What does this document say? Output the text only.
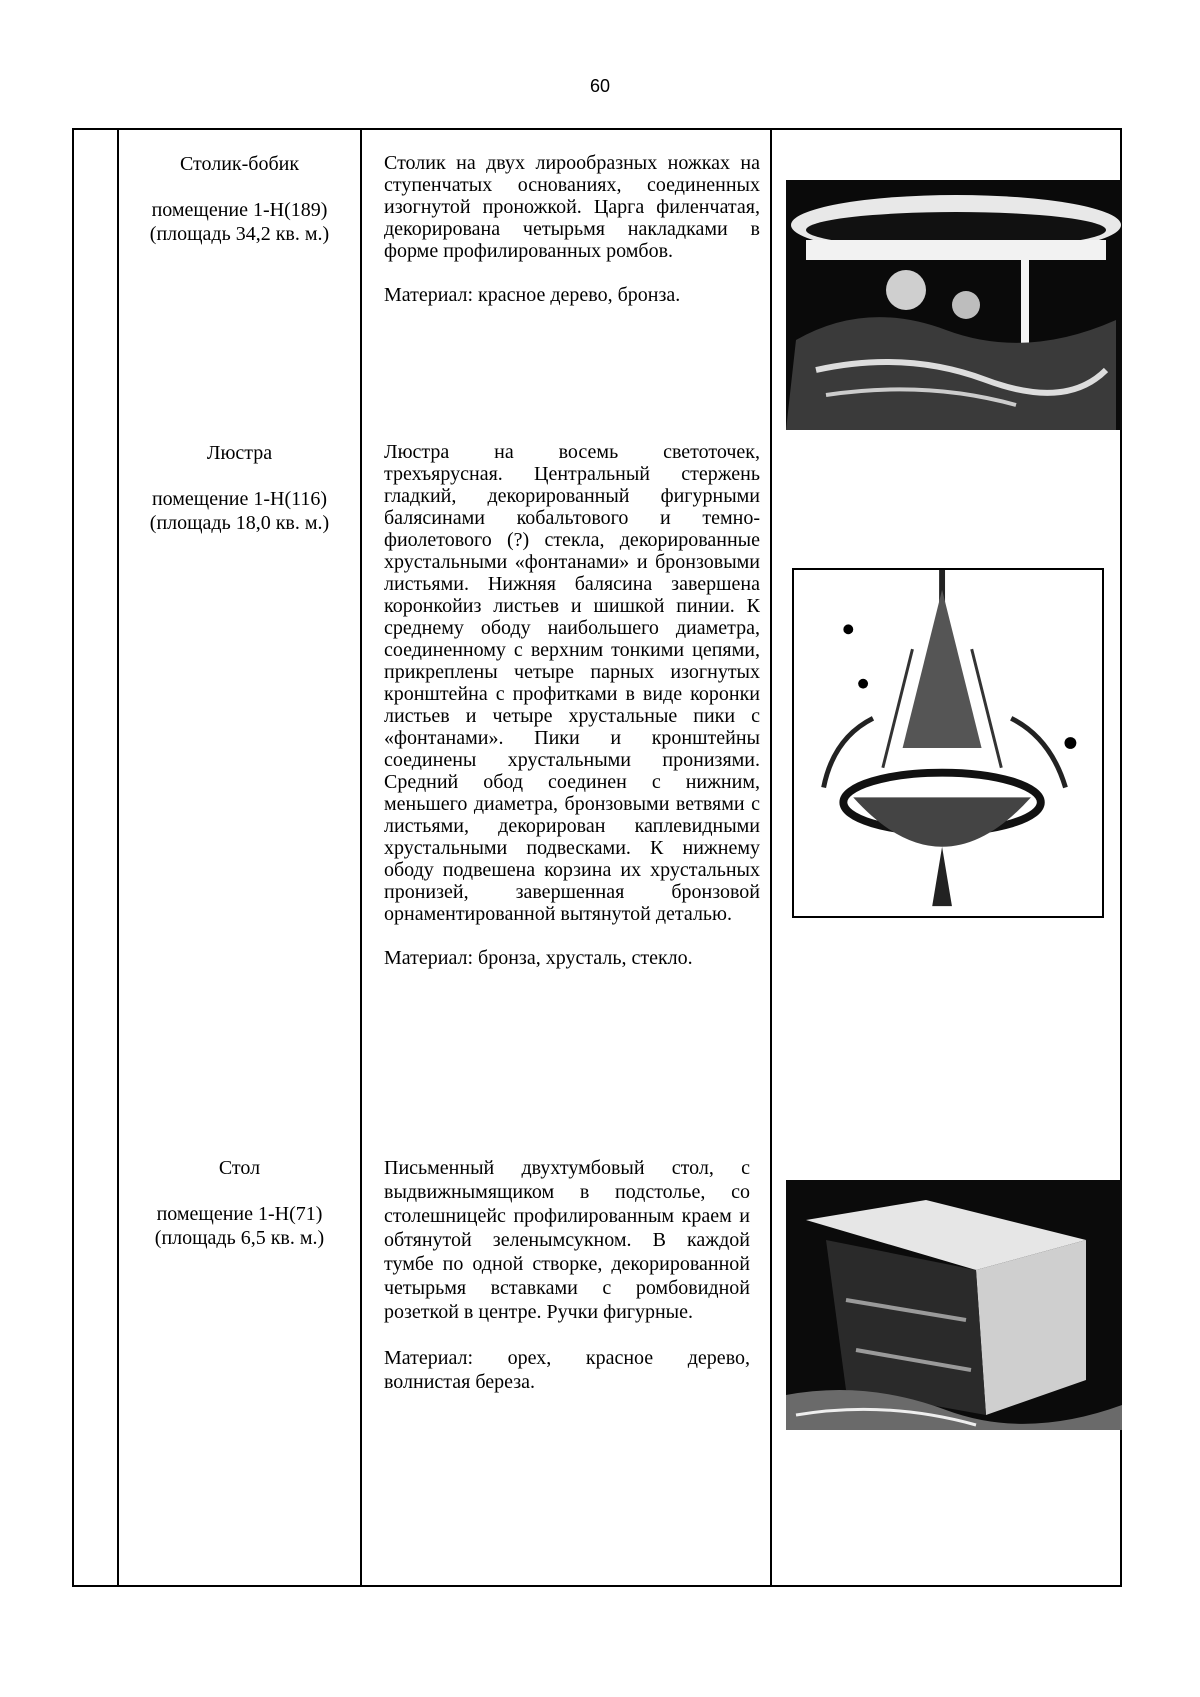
60

Столик-бобик

помещение 1-Н(189)

(площадь 34,2 кв. м.)

Столик на двух лирообразных ножках на ступенчатых основаниях, соединенных изогнутой проножкой. Царга филенчатая, декорирована четырьмя накладками в форме профилированных ромбов.

Материал: красное дерево, бронза.

Люстра

помещение 1-Н(116)

(площадь 18,0 кв. м.)

Люстра на восемь светоточек, трехъярусная. Центральный стержень гладкий, декорированный фигурными балясинами кобальтового и темно-фиолетового (?) стекла, декорированные хрустальными «фонтанами» и бронзовыми листьями. Нижняя балясина завершена коронкойиз листьев и шишкой пинии. К среднему ободу наибольшего диаметра, соединенному с верхним тонкими цепями, прикреплены четыре парных изогнутых кронштейна с профитками в виде коронки листьев и четыре хрустальные пики с «фонтанами». Пики и кронштейны соединены хрустальными пронизями. Средний обод соединен с нижним, меньшего диаметра, бронзовыми ветвями с листьями, декорирован каплевидными хрустальными подвесками. К нижнему ободу подвешена корзина их хрустальных пронизей, завершенная бронзовой орнаментированной вытянутой деталью.

Материал: бронза, хрусталь, стекло.

Стол

помещение 1-Н(71)

(площадь 6,5 кв. м.)

Письменный двухтумбовый стол, с выдвижнымящиком в подстолье, со столешницейс профилированным краем и обтянутой зеленымсукном. В каждой тумбе по одной створке, декорированной четырьмя вставками с ромбовидной розеткой в центре. Ручки фигурные.

Материал: орех, красное дерево, волнистая береза.
